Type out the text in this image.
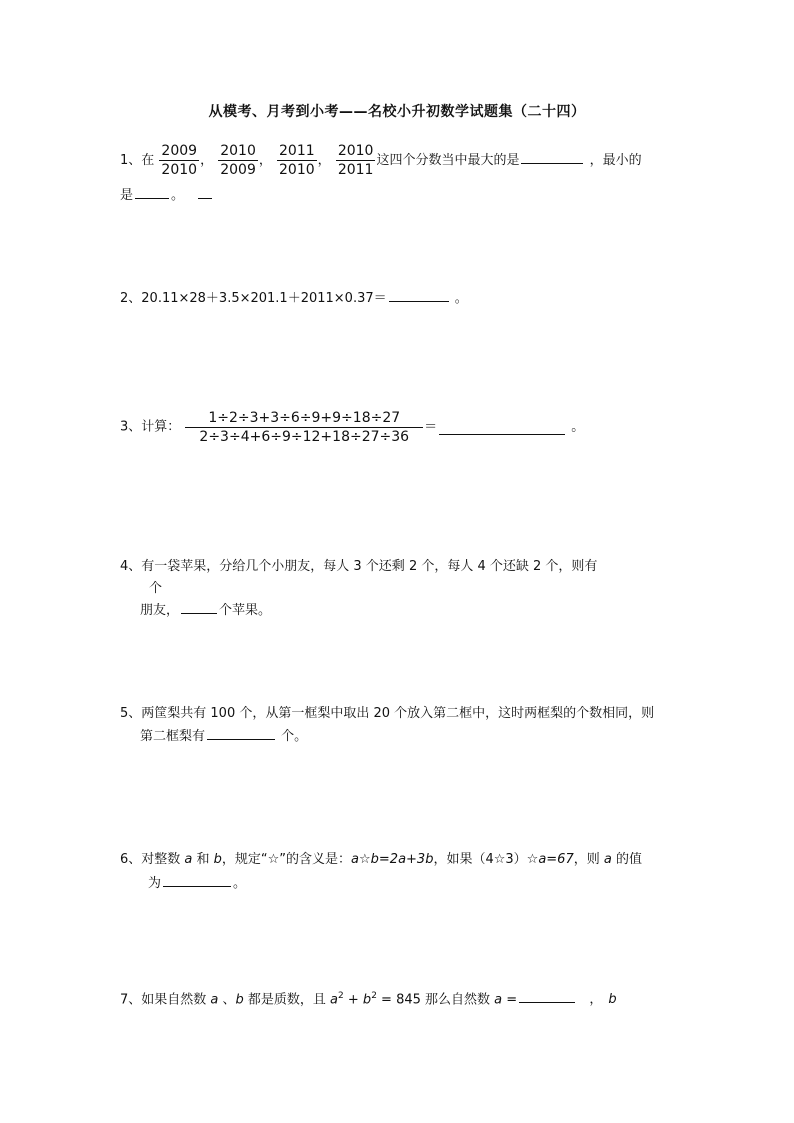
从模考、月考到小考——名校小升初数学试题集（二十四）
1、在 $\frac{2009}{2010}$ ， $\frac{2010}{2009}$ ， $\frac{2011}{2010}$ ， $\frac{2010}{2011}$ 这四个分数当中最大的是	，最小的
是	。
2、20.11×28＋3.5×201.1＋2011×0.37＝	。
3、计算： $\frac{1\div 2\div 3+3\div 6\div 9+9\div 18\div 27}{2\div 3\div 4+6\div 9\div 12+18\div 27\div 36}$ ＝	。
4、有一袋苹果，分给几个小朋友，每人 3 个还剩 2 个，每人 4 个还缺 2 个，则有
个
朋友，	个苹果。
5、两筐梨共有 100 个，从第一框梨中取出 20 个放入第二框中，这时两框梨的个数相同，则
第二框梨有	个。
6、对整数 a 和 b，规定“☆”的含义是：a☆b=2a+3b，如果（4☆3）☆a=67，则 a 的值
为	。
7、如果自然数 a 、b 都是质数，且 $a^2 + b^2 = 845$ 那么自然数 a =	， b
